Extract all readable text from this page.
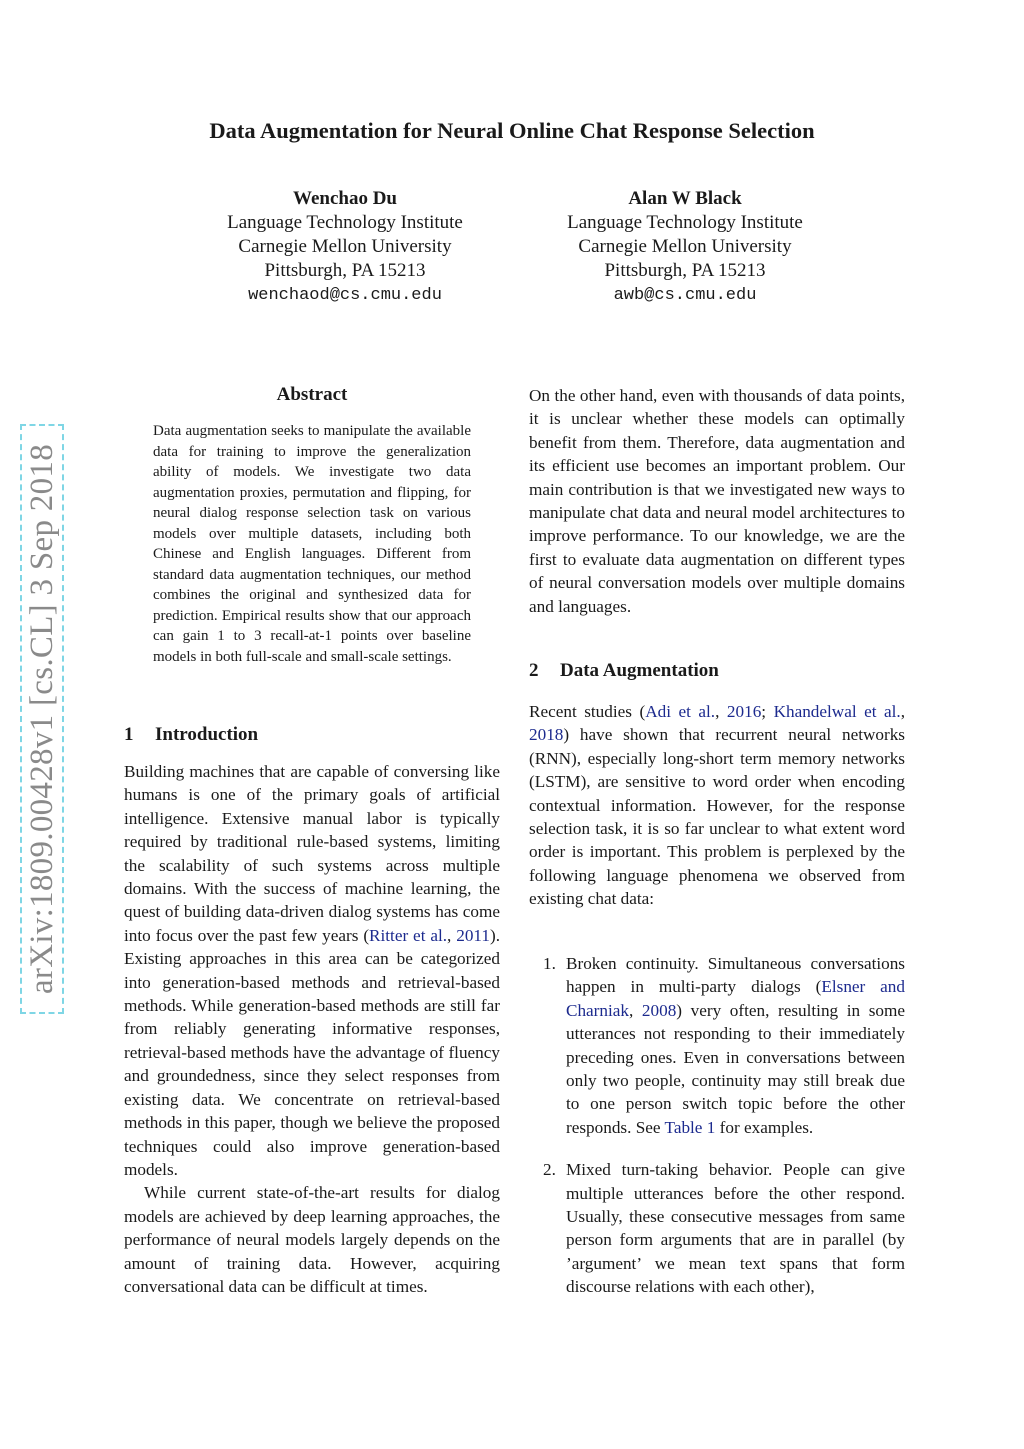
arXiv:1809.00428v1 [cs.CL] 3 Sep 2018
Data Augmentation for Neural Online Chat Response Selection
Wenchao Du
Language Technology Institute
Carnegie Mellon University
Pittsburgh, PA 15213
wenchaod@cs.cmu.edu
Alan W Black
Language Technology Institute
Carnegie Mellon University
Pittsburgh, PA 15213
awb@cs.cmu.edu
Abstract

Data augmentation seeks to manipulate the available data for training to improve the generalization ability of models. We investigate two data augmentation proxies, permutation and flipping, for neural dialog response selection task on various models over multiple datasets, including both Chinese and English languages. Different from standard data augmentation techniques, our method combines the original and synthesized data for prediction. Empirical results show that our approach can gain 1 to 3 recall-at-1 points over baseline models in both full-scale and small-scale settings.

1 Introduction

Building machines that are capable of conversing like humans is one of the primary goals of artificial intelligence. Extensive manual labor is typically required by traditional rule-based systems, limiting the scalability of such systems across multiple domains. With the success of machine learning, the quest of building data-driven dialog systems has come into focus over the past few years (Ritter et al., 2011). Existing approaches in this area can be categorized into generation-based methods and retrieval-based methods. While generation-based methods are still far from reliably generating informative responses, retrieval-based methods have the advantage of fluency and groundedness, since they select responses from existing data. We concentrate on retrieval-based methods in this paper, though we believe the proposed techniques could also improve generation-based models.

While current state-of-the-art results for dialog models are achieved by deep learning approaches, the performance of neural models largely depends on the amount of training data. However, acquiring conversational data can be difficult at times.

On the other hand, even with thousands of data points, it is unclear whether these models can optimally benefit from them. Therefore, data augmentation and its efficient use becomes an important problem. Our main contribution is that we investigated new ways to manipulate chat data and neural model architectures to improve performance. To our knowledge, we are the first to evaluate data augmentation on different types of neural conversation models over multiple domains and languages.

2 Data Augmentation

Recent studies (Adi et al., 2016; Khandelwal et al., 2018) have shown that recurrent neural networks (RNN), especially long-short term memory networks (LSTM), are sensitive to word order when encoding contextual information. However, for the response selection task, it is so far unclear to what extent word order is important. This problem is perplexed by the following language phenomena we observed from existing chat data:

1. Broken continuity. Simultaneous conversations happen in multi-party dialogs (Elsner and Charniak, 2008) very often, resulting in some utterances not responding to their immediately preceding ones. Even in conversations between only two people, continuity may still break due to one person switch topic before the other responds. See Table 1 for examples.
2. Mixed turn-taking behavior. People can give multiple utterances before the other respond. Usually, these consecutive messages from same person form arguments that are in parallel (by ’argument’ we mean text spans that form discourse relations with each other),
